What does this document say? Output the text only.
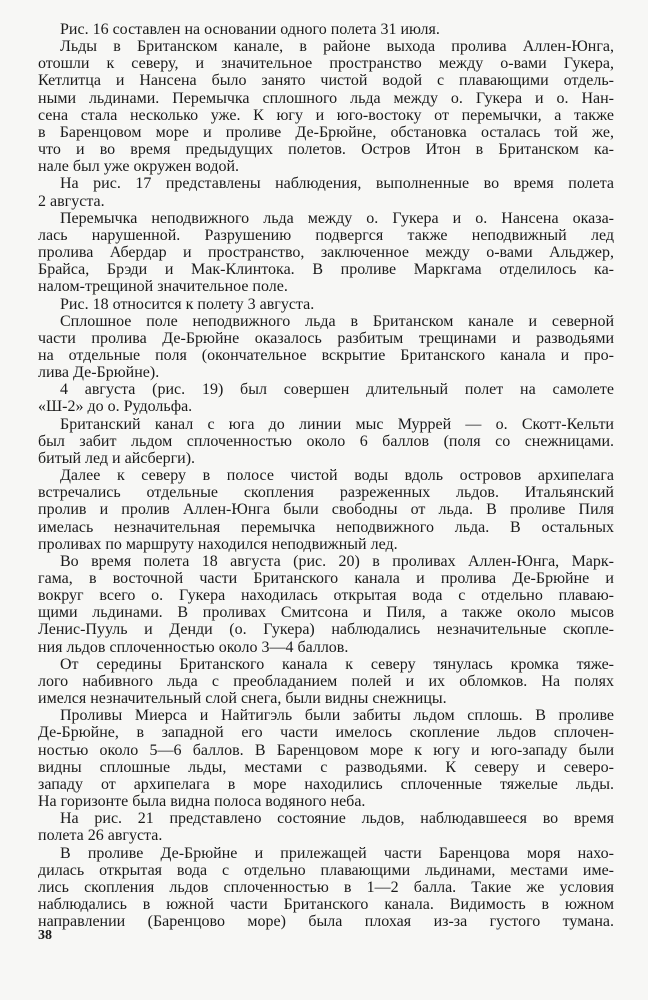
Рис. 16 составлен на основании одного полета 31 июля.
Льды в Британском канале, в районе выхода пролива Аллен-Юнга,
отошли к северу, и значительное пространство между о-вами Гукера,
Кетлитца и Нансена было занято чистой водой с плавающими отдель-
ными льдинами. Перемычка сплошного льда между о. Гукера и о. Нан-
сена стала несколько уже. К югу и юго-востоку от перемычки, а также
в Баренцовом море и проливе Де-Брюйне, обстановка осталась той же,
что и во время предыдущих полетов. Остров Итон в Британском ка-
нале был уже окружен водой.
На рис. 17 представлены наблюдения, выполненные во время полета
2 августа.
Перемычка неподвижного льда между о. Гукера и о. Нансена оказа-
лась нарушенной. Разрушению подвергся также неподвижный лед
пролива Абердар и пространство, заключенное между о-вами Альджер,
Брайса, Брэди и Мак-Клинтока. В проливе Маркгама отделилось ка-
налом-трещиной значительное поле.
Рис. 18 относится к полету 3 августа.
Сплошное поле неподвижного льда в Британском канале и северной
части пролива Де-Брюйне оказалось разбитым трещинами и разводьями
на отдельные поля (окончательное вскрытие Британского канала и про-
лива Де-Брюйне).
4 августа (рис. 19) был совершен длительный полет на самолете
«Ш-2» до о. Рудольфа.
Британский канал с юга до линии мыс Муррей — о. Скотт-Кельти
был забит льдом сплоченностью около 6 баллов (поля со снежницами.
битый лед и айсберги).
Далее к северу в полосе чистой воды вдоль островов архипелага
встречались отдельные скопления разреженных льдов. Итальянский
пролив и пролив Аллен-Юнга были свободны от льда. В проливе Пиля
имелась незначительная перемычка неподвижного льда. В остальных
проливах по маршруту находился неподвижный лед.
Во время полета 18 августа (рис. 20) в проливах Аллен-Юнга, Марк-
гама, в восточной части Британского канала и пролива Де-Брюйне и
вокруг всего о. Гукера находилась открытая вода с отдельно плаваю-
щими льдинами. В проливах Смитсона и Пиля, а также около мысов
Ленис-Пууль и Денди (о. Гукера) наблюдались незначительные скопле-
ния льдов сплоченностью около 3—4 баллов.
От середины Британского канала к северу тянулась кромка тяже-
лого набивного льда с преобладанием полей и их обломков. На полях
имелся незначительный слой снега, были видны снежницы.
Проливы Миерса и Найтигэль были забиты льдом сплошь. В проливе
Де-Брюйне, в западной его части имелось скопление льдов сплочен-
ностью около 5—6 баллов. В Баренцовом море к югу и юго-западу были
видны сплошные льды, местами с разводьями. К северу и северо-
западу от архипелага в море находились сплоченные тяжелые льды.
На горизонте была видна полоса водяного неба.
На рис. 21 представлено состояние льдов, наблюдавшееся во время
полета 26 августа.
В проливе Де-Брюйне и прилежащей части Баренцова моря нахо-
дилась открытая вода с отдельно плавающими льдинами, местами име-
лись скопления льдов сплоченностью в 1—2 балла. Такие же условия
наблюдались в южной части Британского канала. Видимость в южном
направлении (Баренцово море) была плохая из-за густого тумана.
38
